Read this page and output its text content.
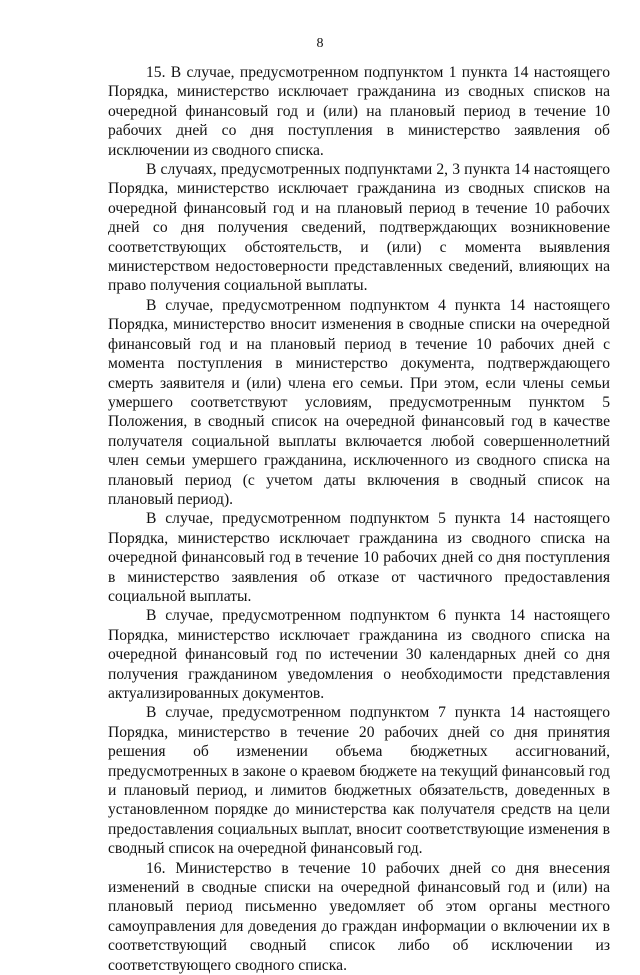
8

15. В случае, предусмотренном подпунктом 1 пункта 14 настоящего Порядка, министерство исключает гражданина из сводных списков на очередной финансовый год и (или) на плановый период в течение 10 рабочих дней со дня поступления в министерство заявления об исключении из сводного списка.

В случаях, предусмотренных подпунктами 2, 3 пункта 14 настоящего Порядка, министерство исключает гражданина из сводных списков на очередной финансовый год и на плановый период в течение 10 рабочих дней со дня получения сведений, подтверждающих возникновение соответствующих обстоятельств, и (или) с момента выявления министерством недостоверности представленных сведений, влияющих на право получения социальной выплаты.

В случае, предусмотренном подпунктом 4 пункта 14 настоящего Порядка, министерство вносит изменения в сводные списки на очередной финансовый год и на плановый период в течение 10 рабочих дней с момента поступления в министерство документа, подтверждающего смерть заявителя и (или) члена его семьи. При этом, если члены семьи умершего соответствуют условиям, предусмотренным пунктом 5 Положения, в сводный список на очередной финансовый год в качестве получателя социальной выплаты включается любой совершеннолетний член семьи умершего гражданина, исключенного из сводного списка на плановый период (с учетом даты включения в сводный список на плановый период).

В случае, предусмотренном подпунктом 5 пункта 14 настоящего Порядка, министерство исключает гражданина из сводного списка на очередной финансовый год в течение 10 рабочих дней со дня поступления в министерство заявления об отказе от частичного предоставления социальной выплаты.

В случае, предусмотренном подпунктом 6 пункта 14 настоящего Порядка, министерство исключает гражданина из сводного списка на очередной финансовый год по истечении 30 календарных дней со дня получения гражданином уведомления о необходимости представления актуализированных документов.

В случае, предусмотренном подпунктом 7 пункта 14 настоящего Порядка, министерство в течение 20 рабочих дней со дня принятия решения об изменении объема бюджетных ассигнований, предусмотренных в законе о краевом бюджете на текущий финансовый год и плановый период, и лимитов бюджетных обязательств, доведенных в установленном порядке до министерства как получателя средств на цели предоставления социальных выплат, вносит соответствующие изменения в сводный список на очередной финансовый год.

16. Министерство в течение 10 рабочих дней со дня внесения изменений в сводные списки на очередной финансовый год и (или) на плановый период письменно уведомляет об этом органы местного самоуправления для доведения до граждан информации о включении их в соответствующий сводный список либо об исключении из соответствующего сводного списка.
